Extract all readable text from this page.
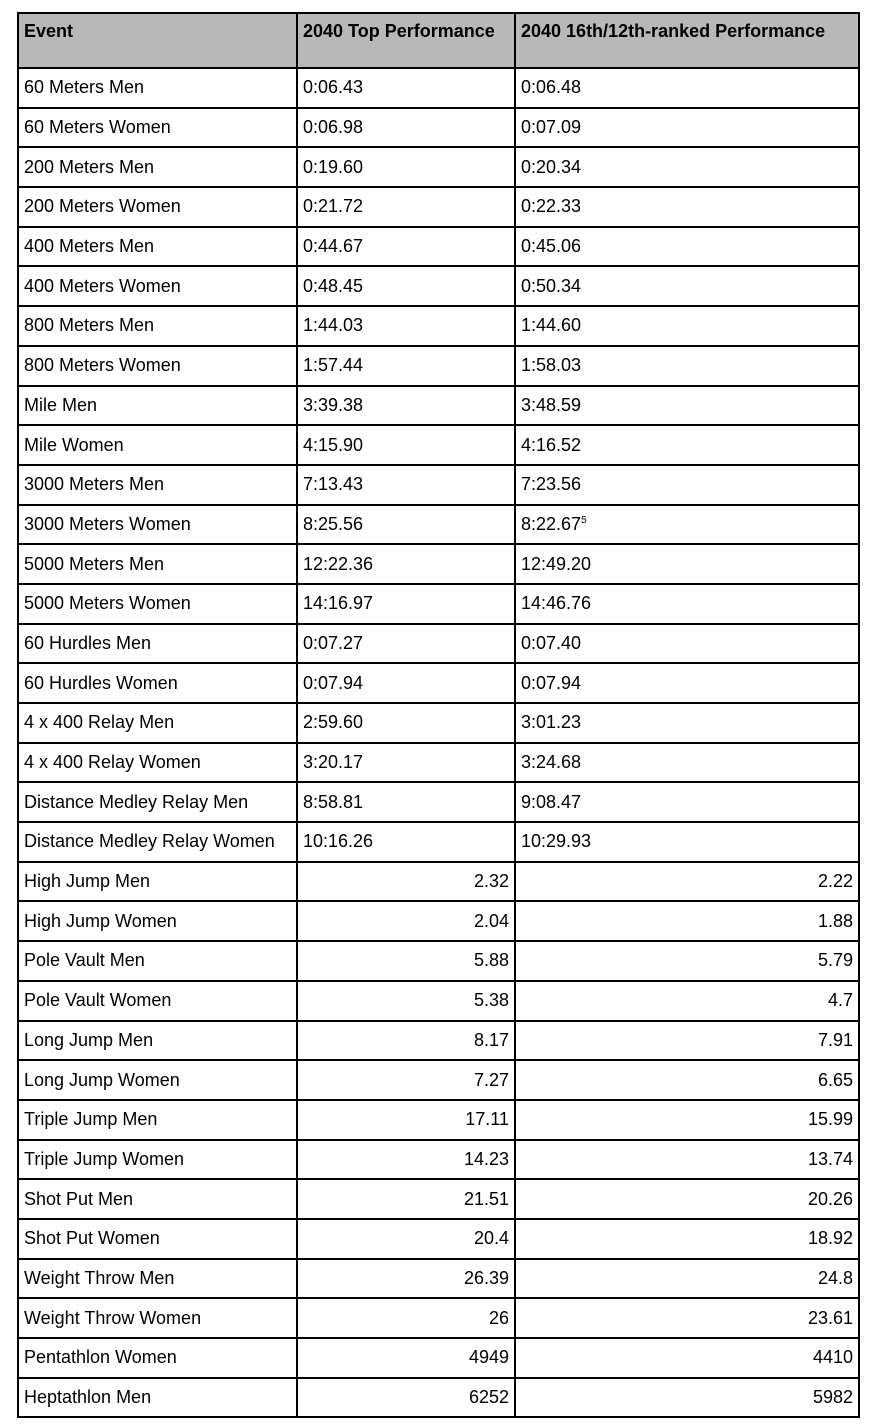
Event	2040 Top Performance	2040 16th/12th-ranked Performance
60 Meters Men	0:06.43	0:06.48
60 Meters Women	0:06.98	0:07.09
200 Meters Men	0:19.60	0:20.34
200 Meters Women	0:21.72	0:22.33
400 Meters Men	0:44.67	0:45.06
400 Meters Women	0:48.45	0:50.34
800 Meters Men	1:44.03	1:44.60
800 Meters Women	1:57.44	1:58.03
Mile Men	3:39.38	3:48.59
Mile Women	4:15.90	4:16.52
3000 Meters Men	7:13.43	7:23.56
3000 Meters Women	8:25.56	8:22.67$^5$
5000 Meters Men	12:22.36	12:49.20
5000 Meters Women	14:16.97	14:46.76
60 Hurdles Men	0:07.27	0:07.40
60 Hurdles Women	0:07.94	0:07.94
4 x 400 Relay Men	2:59.60	3:01.23
4 x 400 Relay Women	3:20.17	3:24.68
Distance Medley Relay Men	8:58.81	9:08.47
Distance Medley Relay Women	10:16.26	10:29.93
High Jump Men	2.32	2.22
High Jump Women	2.04	1.88
Pole Vault Men	5.88	5.79
Pole Vault Women	5.38	4.7
Long Jump Men	8.17	7.91
Long Jump Women	7.27	6.65
Triple Jump Men	17.11	15.99
Triple Jump Women	14.23	13.74
Shot Put Men	21.51	20.26
Shot Put Women	20.4	18.92
Weight Throw Men	26.39	24.8
Weight Throw Women	26	23.61
Pentathlon Women	4949	4410
Heptathlon Men	6252	5982
